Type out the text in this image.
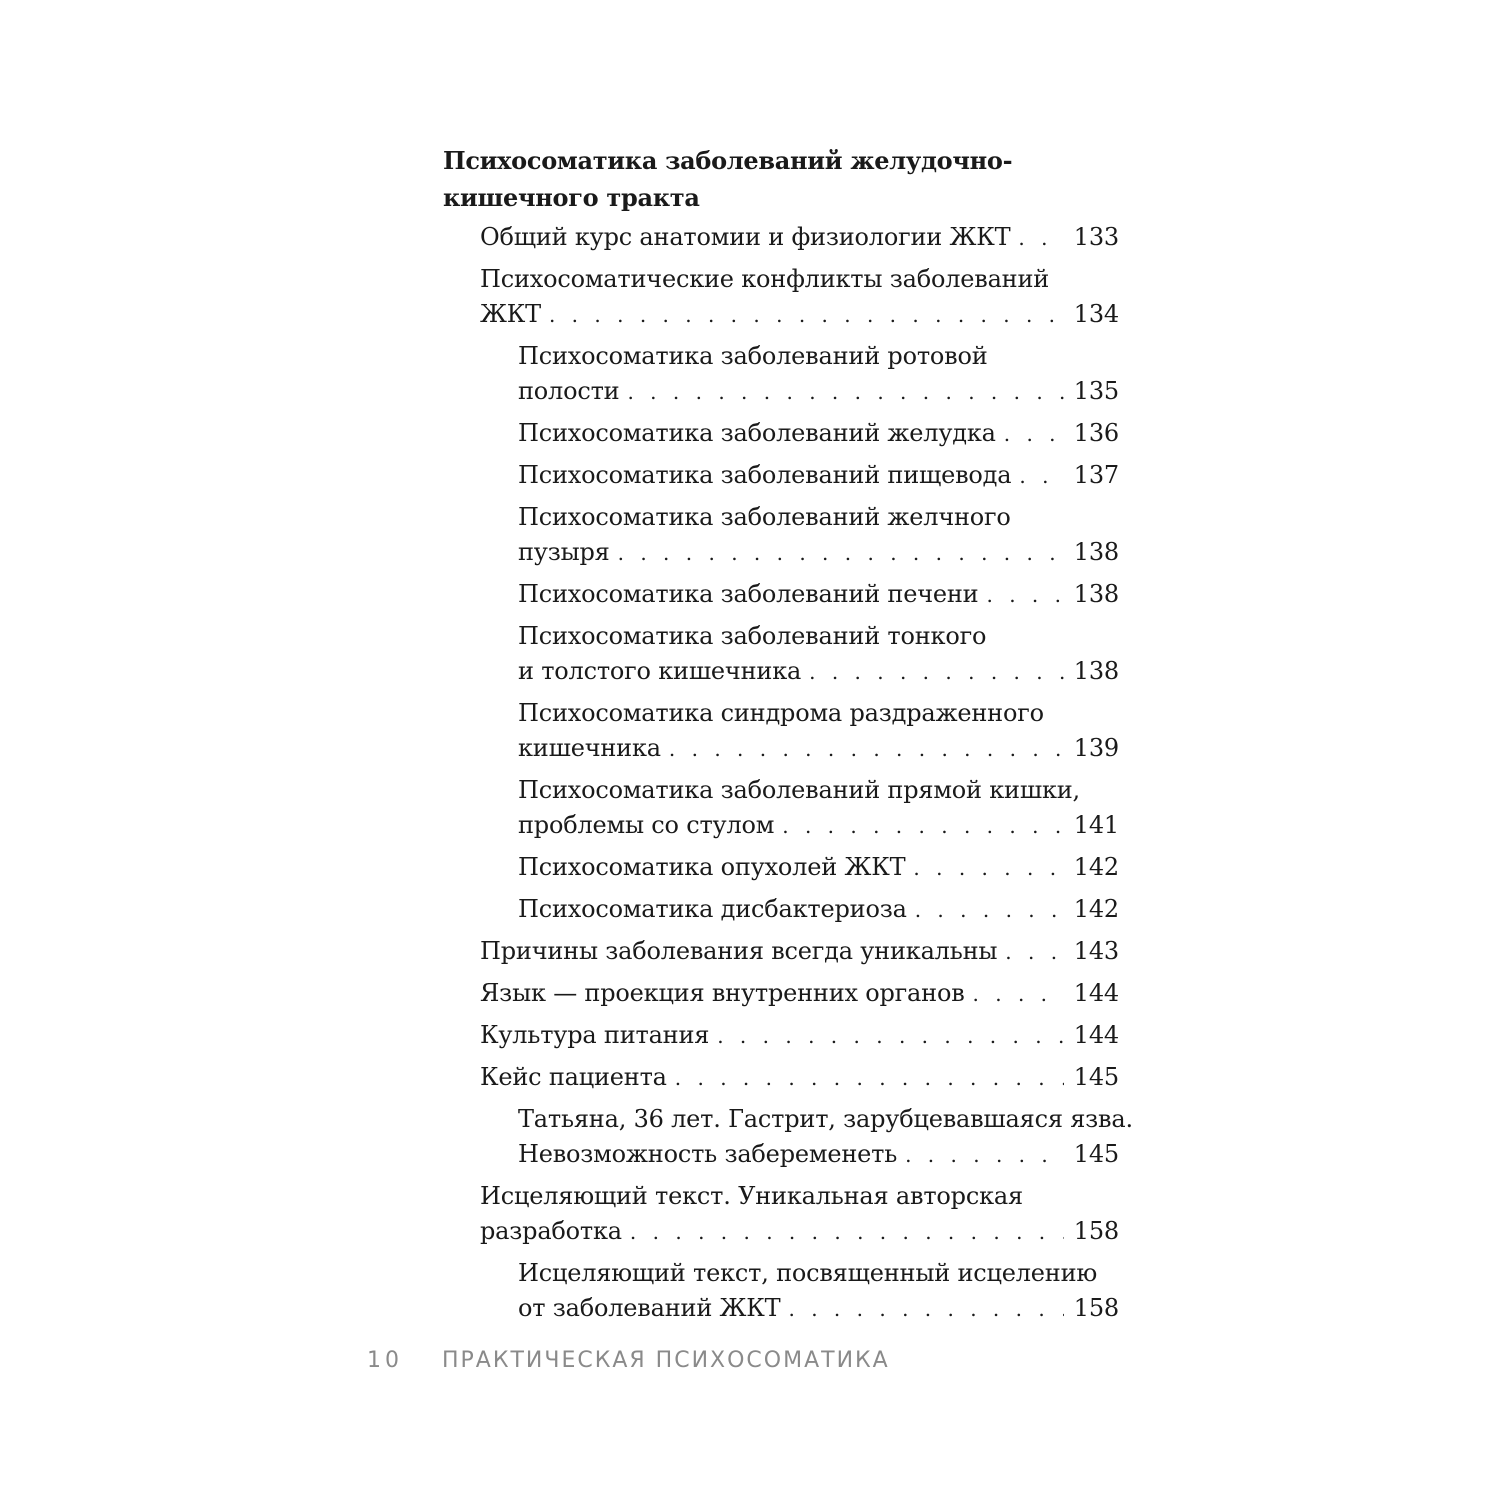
Психосоматика заболеваний желудочно-
кишечного тракта
Общий курс анатомии и физиологии ЖКТ . . .	133
Психосоматические конфликты заболеваний
ЖКТ . . .	134
Психосоматика заболеваний ротовой
полости . . .	135
Психосоматика заболеваний желудка . . .	136
Психосоматика заболеваний пищевода . . .	137
Психосоматика заболеваний желчного
пузыря . . .	138
Психосоматика заболеваний печени . . .	138
Психосоматика заболеваний тонкого
и толстого кишечника . . .	138
Психосоматика синдрома раздраженного
кишечника . . .	139
Психосоматика заболеваний прямой кишки,
проблемы со стулом . . .	141
Психосоматика опухолей ЖКТ . . .	142
Психосоматика дисбактериоза . . .	142
Причины заболевания всегда уникальны . . .	143
Язык — проекция внутренних органов . . .	144
Культура питания . . .	144
Кейс пациента . . .	145
Татьяна, 36 лет. Гастрит, зарубцевавшаяся язва.
Невозможность забеременеть . . .	145
Исцеляющий текст. Уникальная авторская
разработка . . .	158
Исцеляющий текст, посвященный исцелению
от заболеваний ЖКТ . . .	158
10 ПРАКТИЧЕСКАЯ ПСИХОСОМАТИКА
